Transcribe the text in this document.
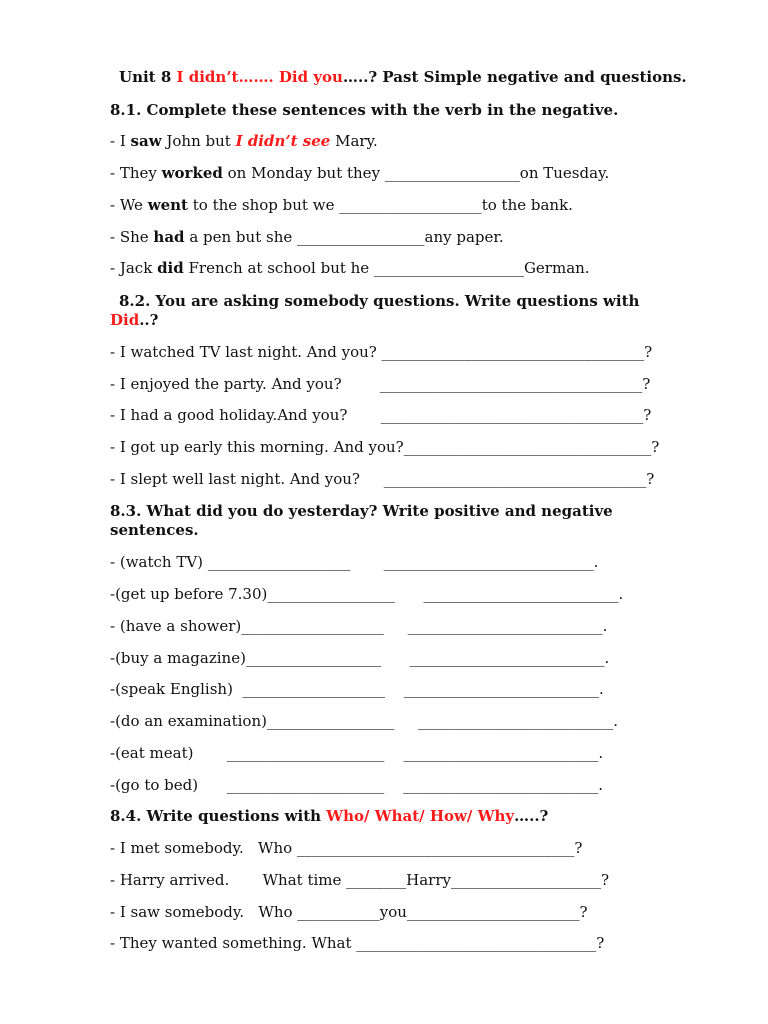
Unit 8 I didn’t……. Did you…..? Past Simple negative and questions.
8.1. Complete these sentences with the verb in the negative.
- I saw John but I didn’t see Mary.
- They worked on Monday but they __________________on Tuesday.
- We went to the shop but we ___________________to the bank.
- She had a pen but she _________________any paper.
- Jack did French at school but he ____________________German.
8.2. You are asking somebody questions. Write questions with
Did..?
- I watched TV last night. And you? ___________________________________?
- I enjoyed the party. And you?        ___________________________________?
- I had a good holiday.And you?       ___________________________________?
- I got up early this morning. And you?_________________________________?
- I slept well last night. And you?     ___________________________________?
8.3. What did you do yesterday? Write positive and negative
sentences.
- (watch TV) ___________________       ____________________________.
-(get up before 7.30)_________________      __________________________.
- (have a shower)___________________     __________________________.
-(buy a magazine)__________________      __________________________.
-(speak English)  ___________________    __________________________.
-(do an examination)_________________     __________________________.
-(eat meat)       _____________________    __________________________.
-(go to bed)      _____________________    __________________________.
8.4. Write questions with Who/ What/ How/ Why…..?
- I met somebody.   Who _____________________________________?
- Harry arrived.       What time ________Harry____________________?
- I saw somebody.   Who ___________you_______________________?
- They wanted something. What ________________________________?
